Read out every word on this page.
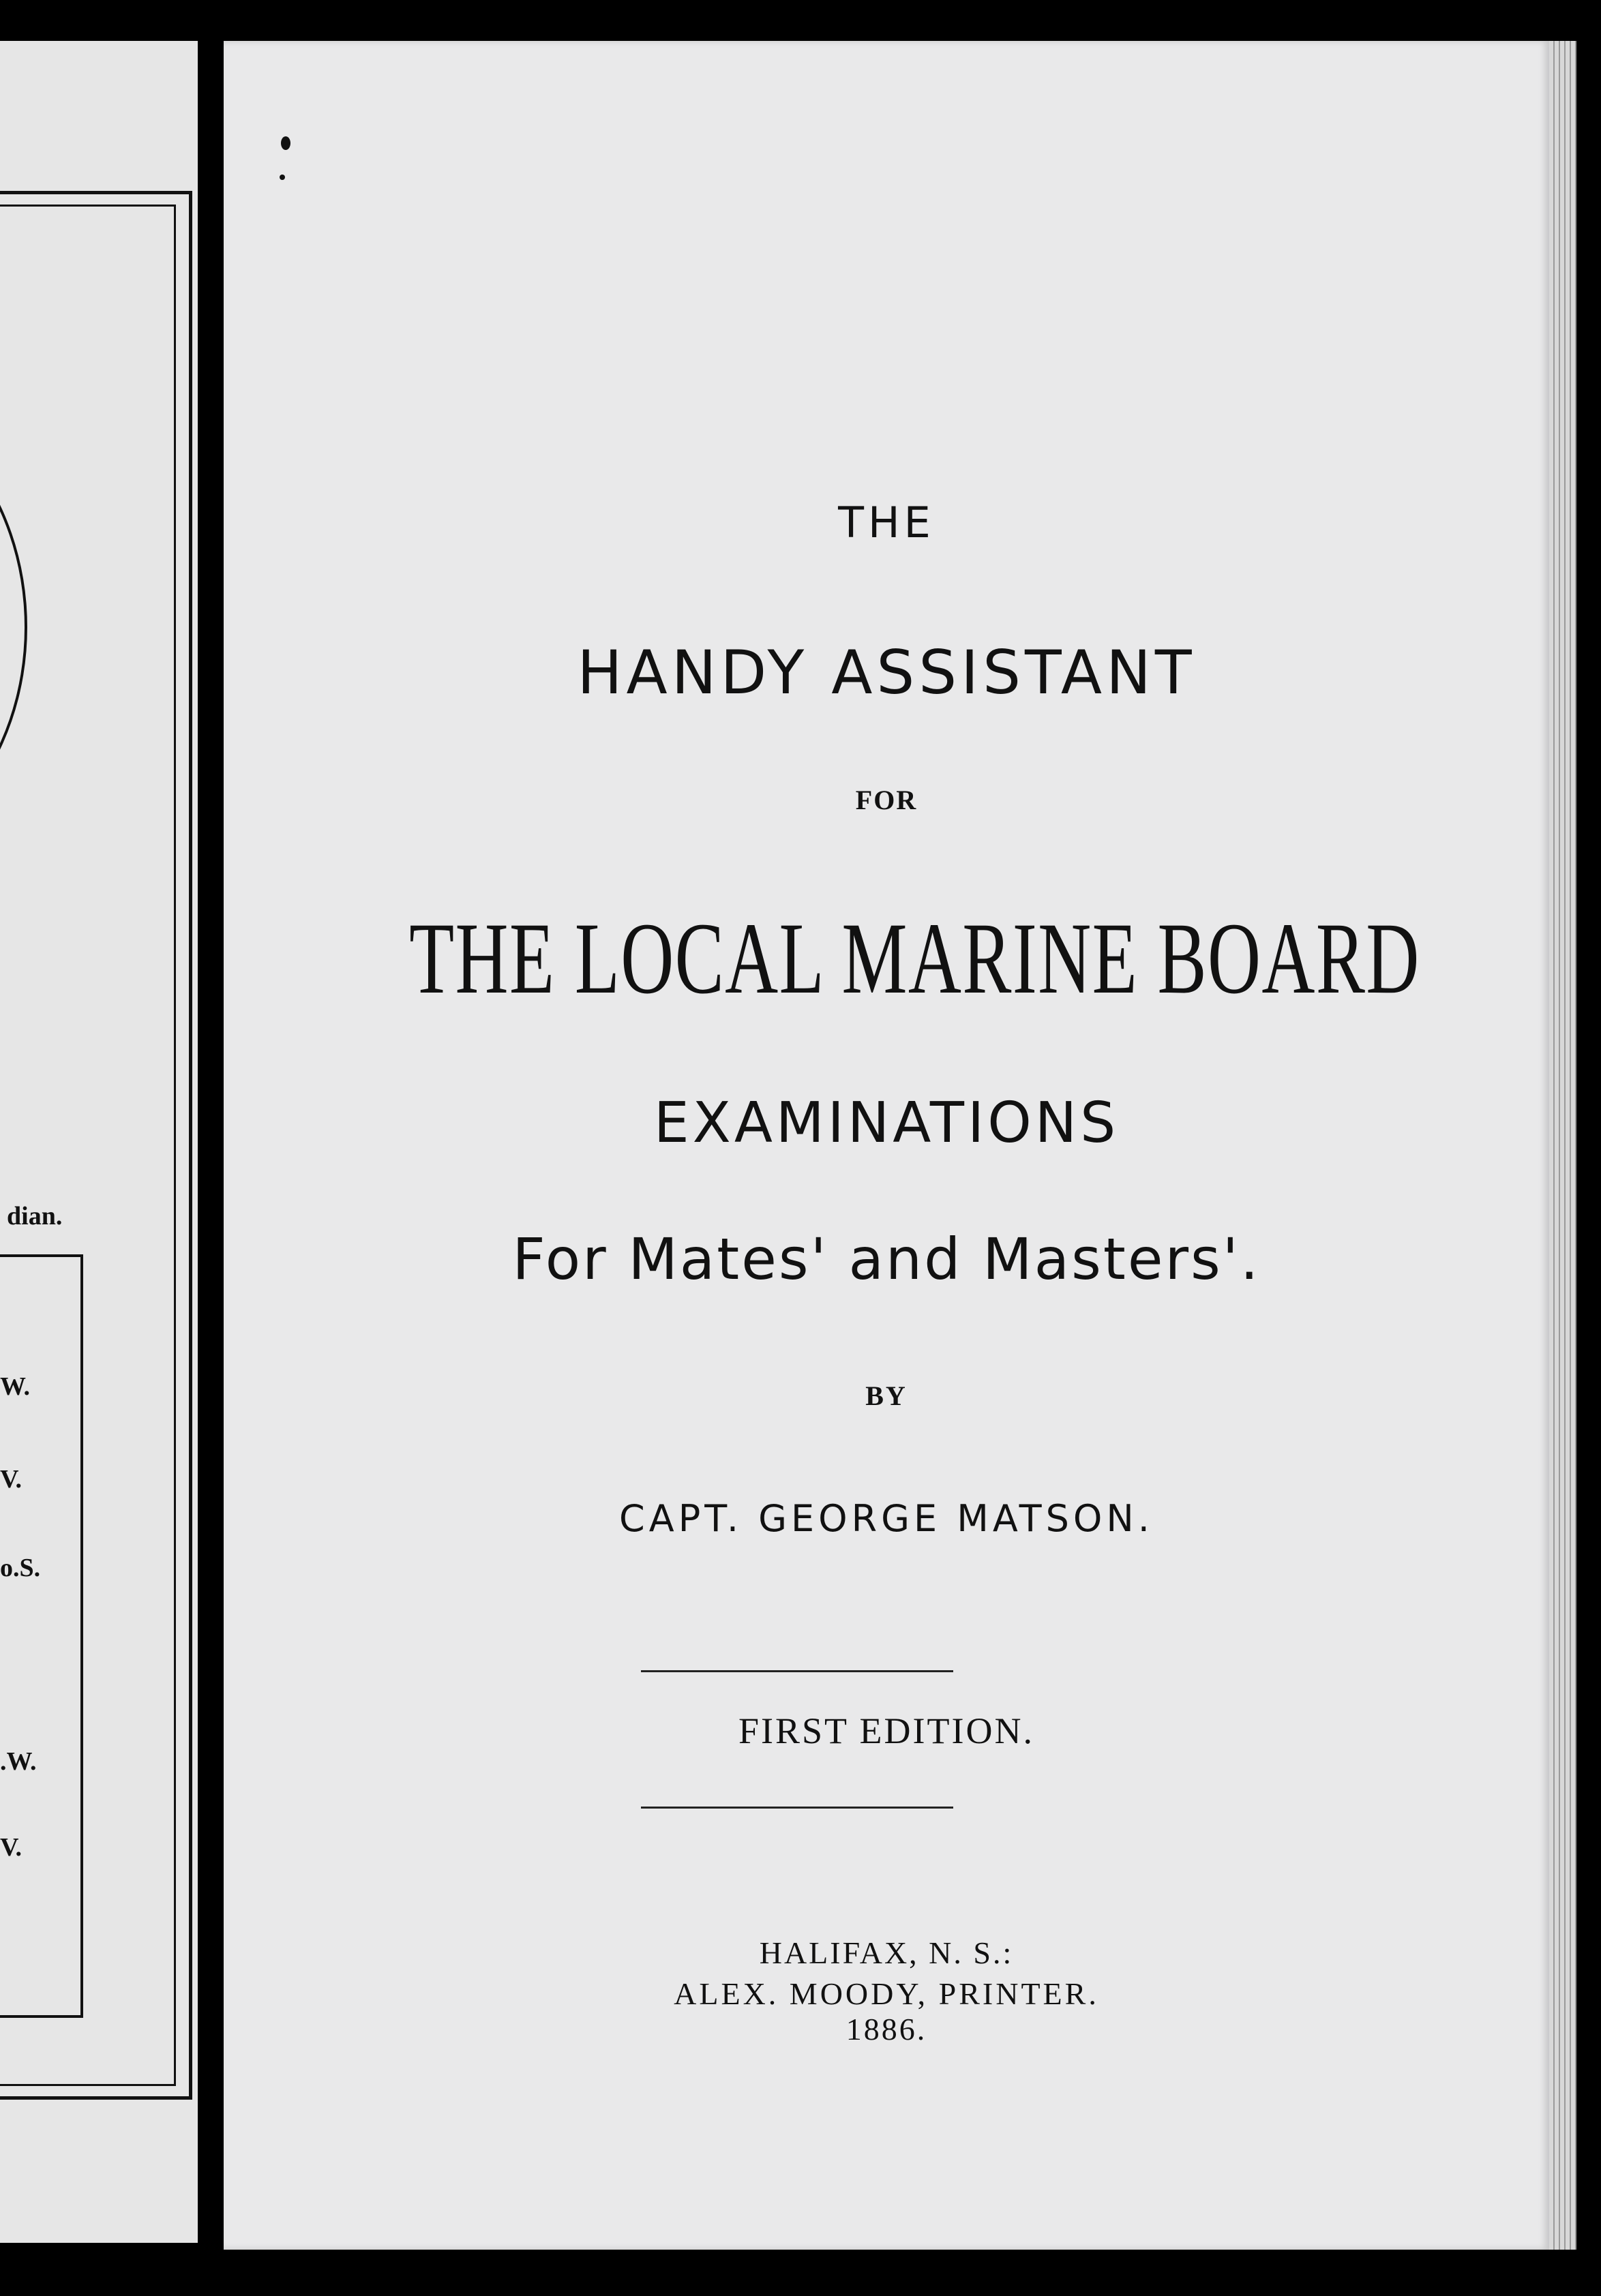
dian.
W.
V.
o.S.
.W.
V.
THE
HANDY ASSISTANT
FOR
THE LOCAL MARINE BOARD
EXAMINATIONS
For Mates' and Masters'.
BY
CAPT. GEORGE MATSON.
FIRST EDITION.
HALIFAX, N. S.:
ALEX. MOODY, PRINTER.
1886.
